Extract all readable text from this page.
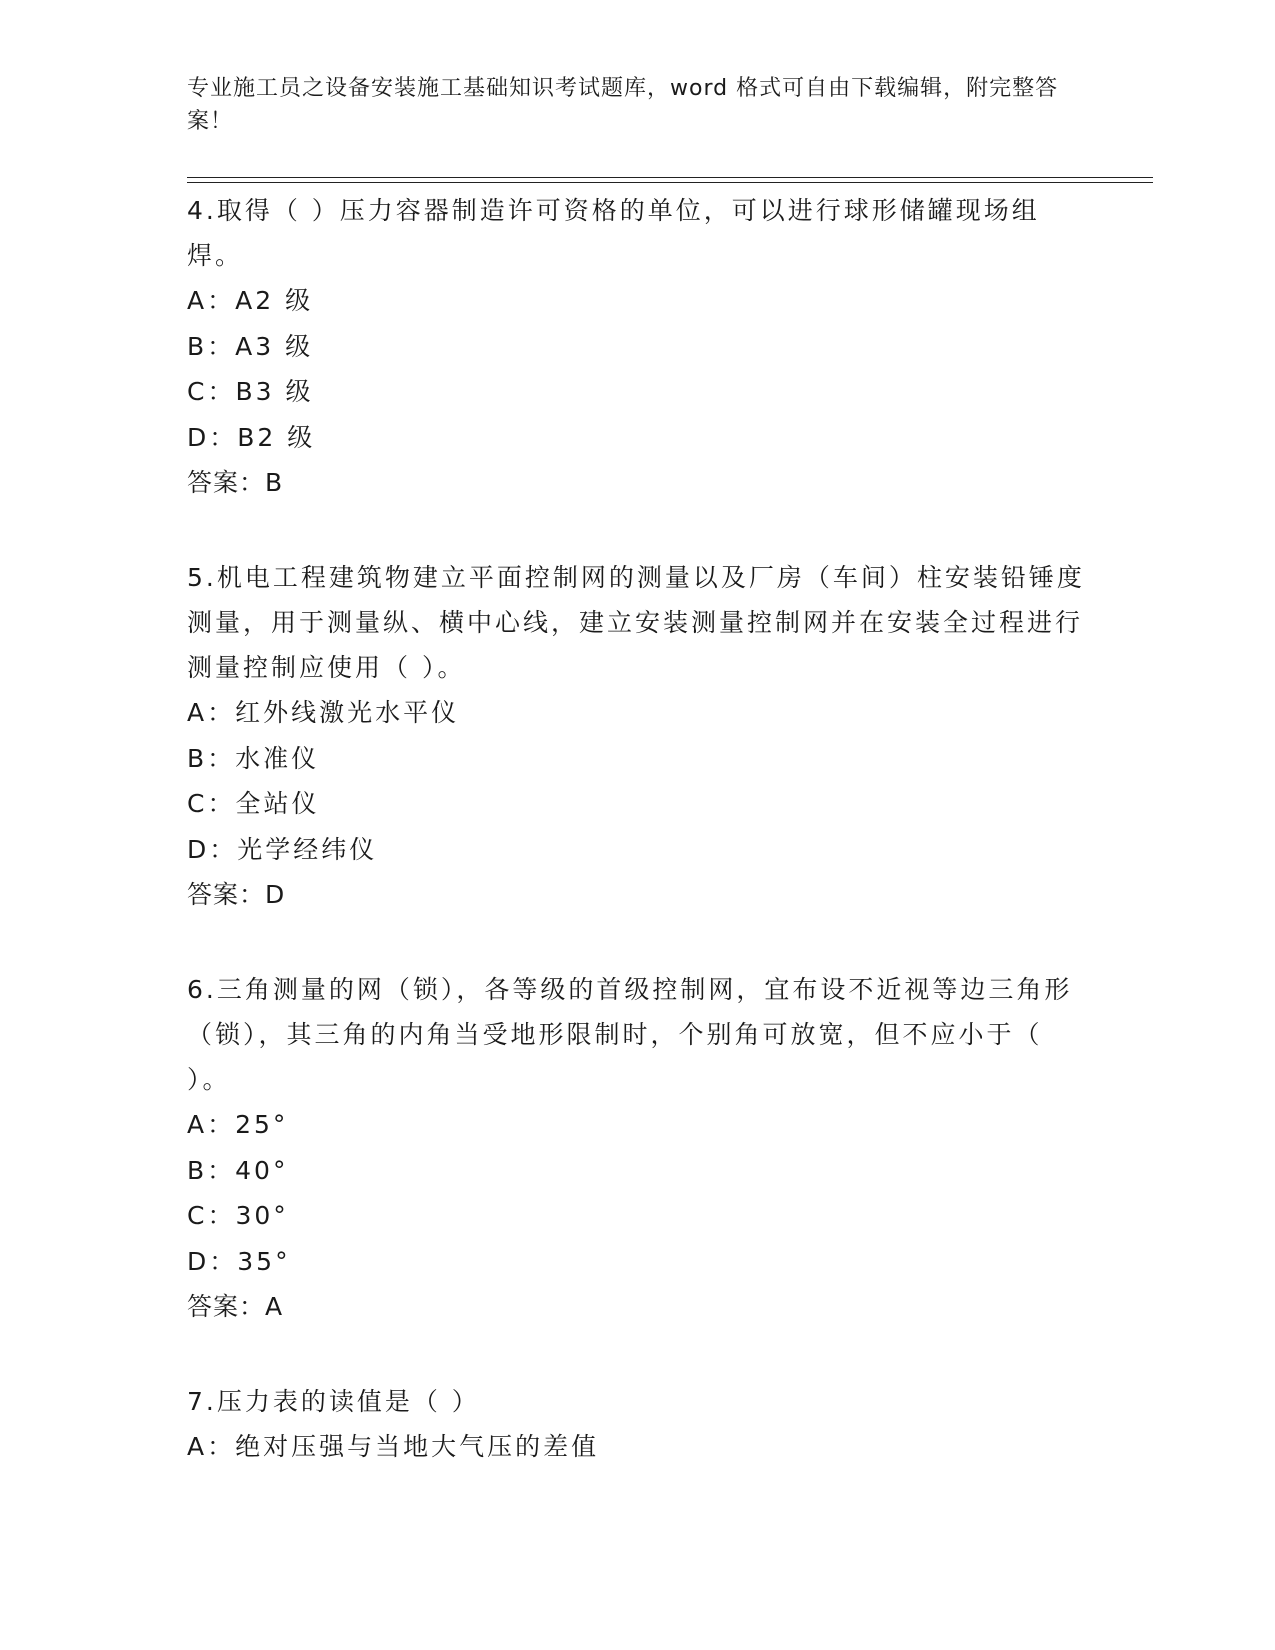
专业施工员之设备安装施工基础知识考试题库，word 格式可自由下载编辑，附完整答案！
4.取得（ ）压力容器制造许可资格的单位，可以进行球形储罐现场组焊。
A： A2 级
B： A3 级
C： B3 级
D： B2 级
答案：B
5.机电工程建筑物建立平面控制网的测量以及厂房（车间）柱安装铅锤度测量，用于测量纵、横中心线，建立安装测量控制网并在安装全过程进行测量控制应使用（ ）。
A： 红外线激光水平仪
B： 水准仪
C： 全站仪
D： 光学经纬仪
答案：D
6.三角测量的网（锁），各等级的首级控制网，宜布设不近视等边三角形（锁），其三角的内角当受地形限制时，个别角可放宽，但不应小于（ ）。
A： 25°
B： 40°
C： 30°
D： 35°
答案：A
7.压力表的读值是（ ）
A： 绝对压强与当地大气压的差值
